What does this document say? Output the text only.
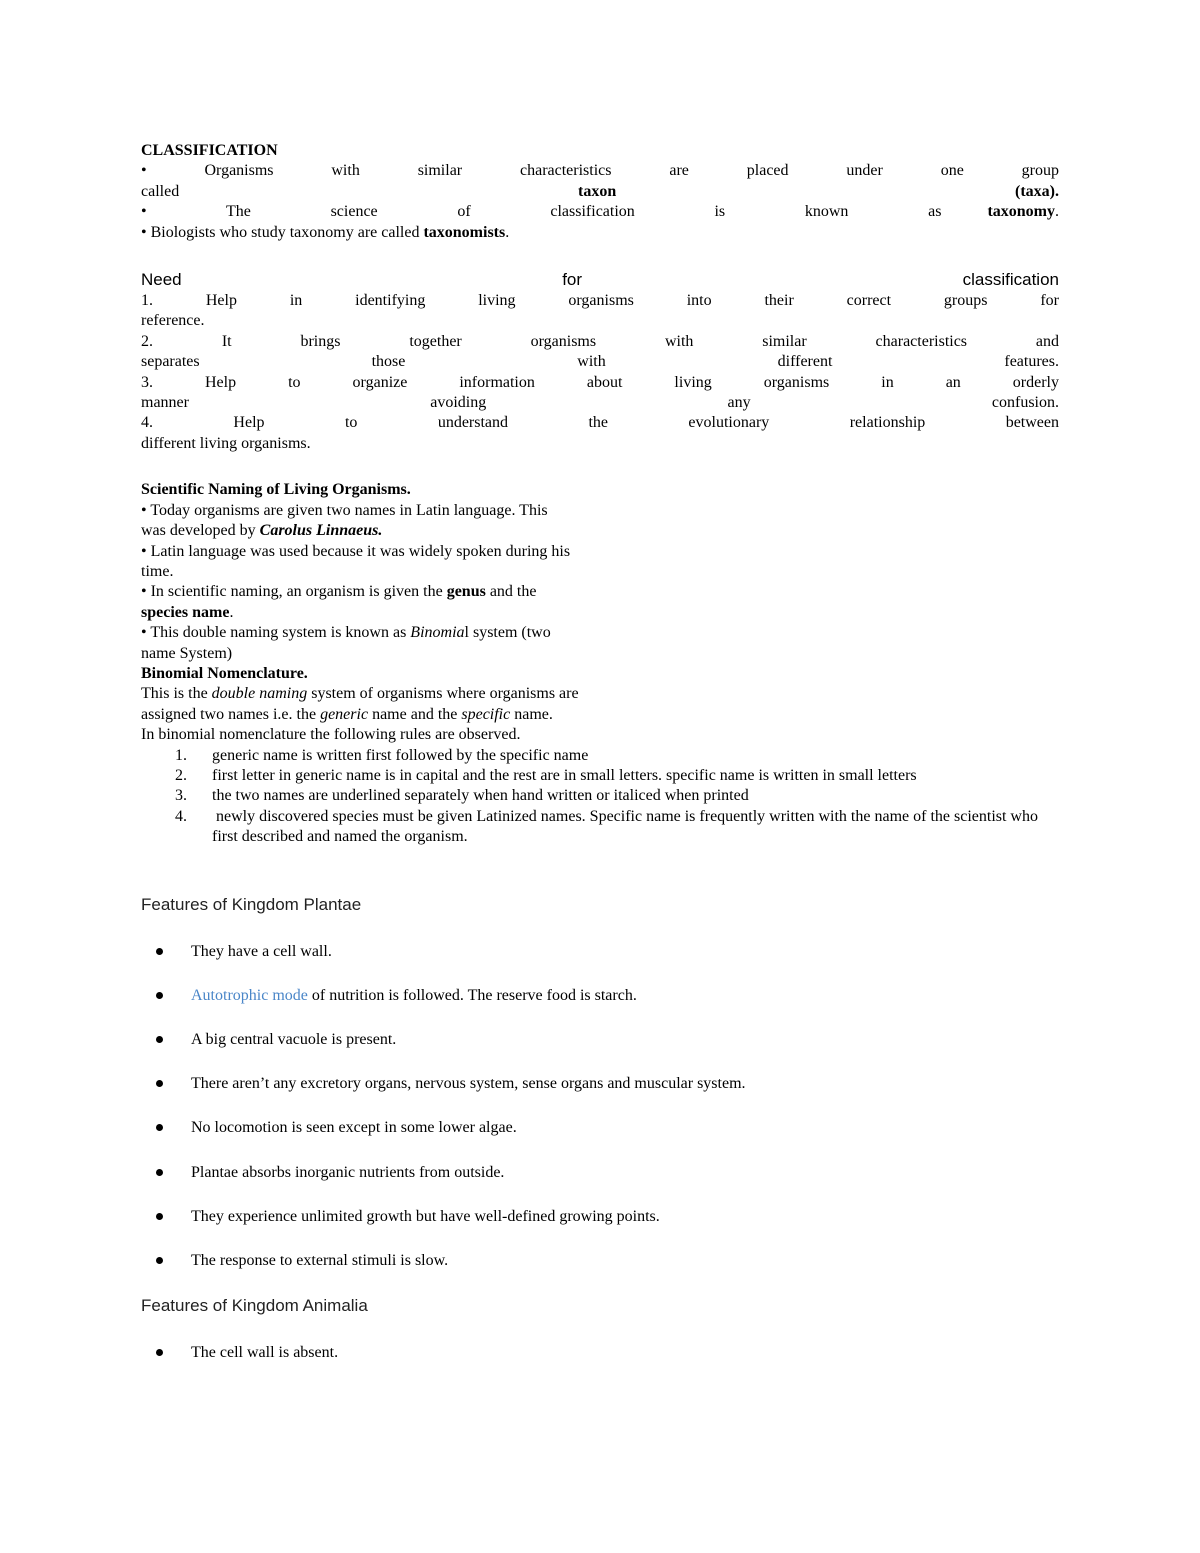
CLASSIFICATION

• Organisms with similar characteristics are placed under one group

called	taxon	(taxa).

• The science of classification is known as	taxonomy.

• Biologists who study taxonomy are called taxonomists.

Need	for	classification

1. Help in identifying living organisms into their correct groups for

reference.

2. It brings together organisms with similar characteristics and

separates	those	with	different	features.

3. Help to organize information about living organisms in an orderly

manner	avoiding	any	confusion.

4. Help to understand the evolutionary relationship between

different living organisms.

Scientific Naming of Living Organisms.

• Today organisms are given two names in Latin language. This

was developed by Carolus Linnaeus.

• Latin language was used because it was widely spoken during his

time.

• In scientific naming, an organism is given the genus and the

species name.

• This double naming system is known as Binomial system (two

name System)

Binomial Nomenclature.

This is the double naming system of organisms where organisms are

assigned two names i.e. the generic name and the specific name.

In binomial nomenclature the following rules are observed.

1. generic name is written first followed by the specific name
2. first letter in generic name is in capital and the rest are in small letters. specific name is written in small letters
3. the two names are underlined separately when hand written or italiced when printed
4. newly discovered species must be given Latinized names. Specific name is frequently written with the name of the scientist who first described and named the organism.

Features of Kingdom Plantae

They have a cell wall.
Autotrophic mode of nutrition is followed. The reserve food is starch.
A big central vacuole is present.
There aren’t any excretory organs, nervous system, sense organs and muscular system.
No locomotion is seen except in some lower algae.
Plantae absorbs inorganic nutrients from outside.
They experience unlimited growth but have well-defined growing points.
The response to external stimuli is slow.

Features of Kingdom Animalia

The cell wall is absent.
